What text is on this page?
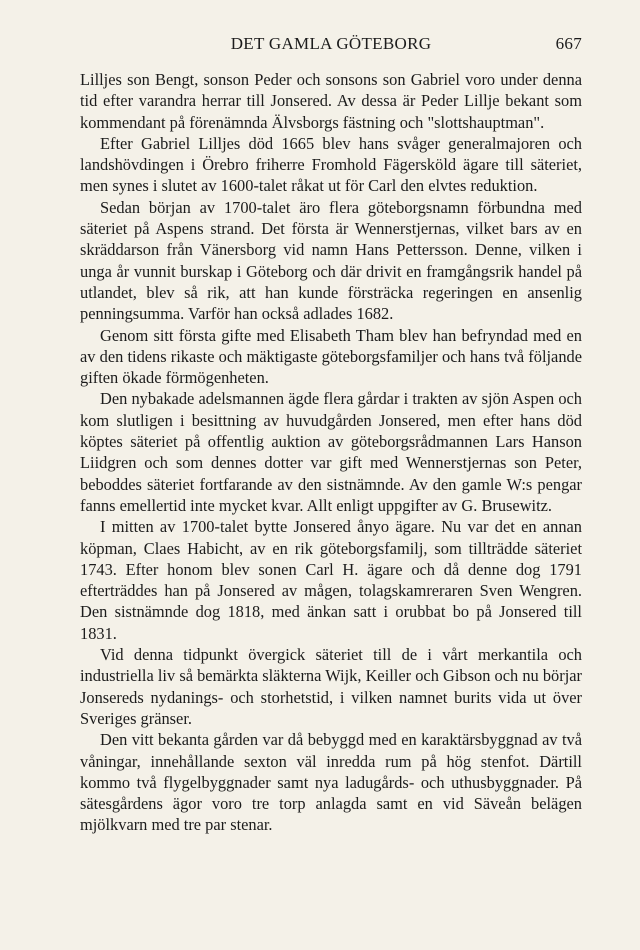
DET GAMLA GÖTEBORG	667

Lilljes son Bengt, sonson Peder och sonsons son Gabriel voro under denna tid efter varandra herrar till Jonsered. Av dessa är Peder Lillje bekant som kommendant på förenämnda Älvsborgs fästning och "slottshauptman".

Efter Gabriel Lilljes död 1665 blev hans svåger generalmajoren och landshövdingen i Örebro friherre Fromhold Fägersköld ägare till säteriet, men synes i slutet av 1600-talet råkat ut för Carl den elvtes reduktion.

Sedan början av 1700-talet äro flera göteborgsnamn förbundna med säteriet på Aspens strand. Det första är Wennerstjernas, vilket bars av en skräddarson från Vänersborg vid namn Hans Pettersson. Denne, vilken i unga år vunnit burskap i Göteborg och där drivit en framgångsrik handel på utlandet, blev så rik, att han kunde försträcka regeringen en ansenlig penningsumma. Varför han också adlades 1682.

Genom sitt första gifte med Elisabeth Tham blev han befryndad med en av den tidens rikaste och mäktigaste göteborgsfamiljer och hans två följande giften ökade förmögenheten.

Den nybakade adelsmannen ägde flera gårdar i trakten av sjön Aspen och kom slutligen i besittning av huvudgården Jonsered, men efter hans död köptes säteriet på offentlig auktion av göteborgsrådmannen Lars Hanson Liidgren och som dennes dotter var gift med Wennerstjernas son Peter, beboddes säteriet fortfarande av den sistnämnde. Av den gamle W:s pengar fanns emellertid inte mycket kvar. Allt enligt uppgifter av G. Brusewitz.

I mitten av 1700-talet bytte Jonsered ånyo ägare. Nu var det en annan köpman, Claes Habicht, av en rik göteborgsfamilj, som tillträdde säteriet 1743. Efter honom blev sonen Carl H. ägare och då denne dog 1791 efterträddes han på Jonsered av mågen, tolagskamreraren Sven Wengren. Den sistnämnde dog 1818, med änkan satt i orubbat bo på Jonsered till 1831.

Vid denna tidpunkt övergick säteriet till de i vårt merkantila och industriella liv så bemärkta släkterna Wijk, Keiller och Gibson och nu börjar Jonsereds nydanings- och storhetstid, i vilken namnet burits vida ut över Sveriges gränser.

Den vitt bekanta gården var då bebyggd med en karaktärsbyggnad av två våningar, innehållande sexton väl inredda rum på hög stenfot. Därtill kommo två flygelbyggnader samt nya ladugårds- och uthusbyggnader. På sätesgårdens ägor voro tre torp anlagda samt en vid Säveån belägen mjölkvarn med tre par stenar.
